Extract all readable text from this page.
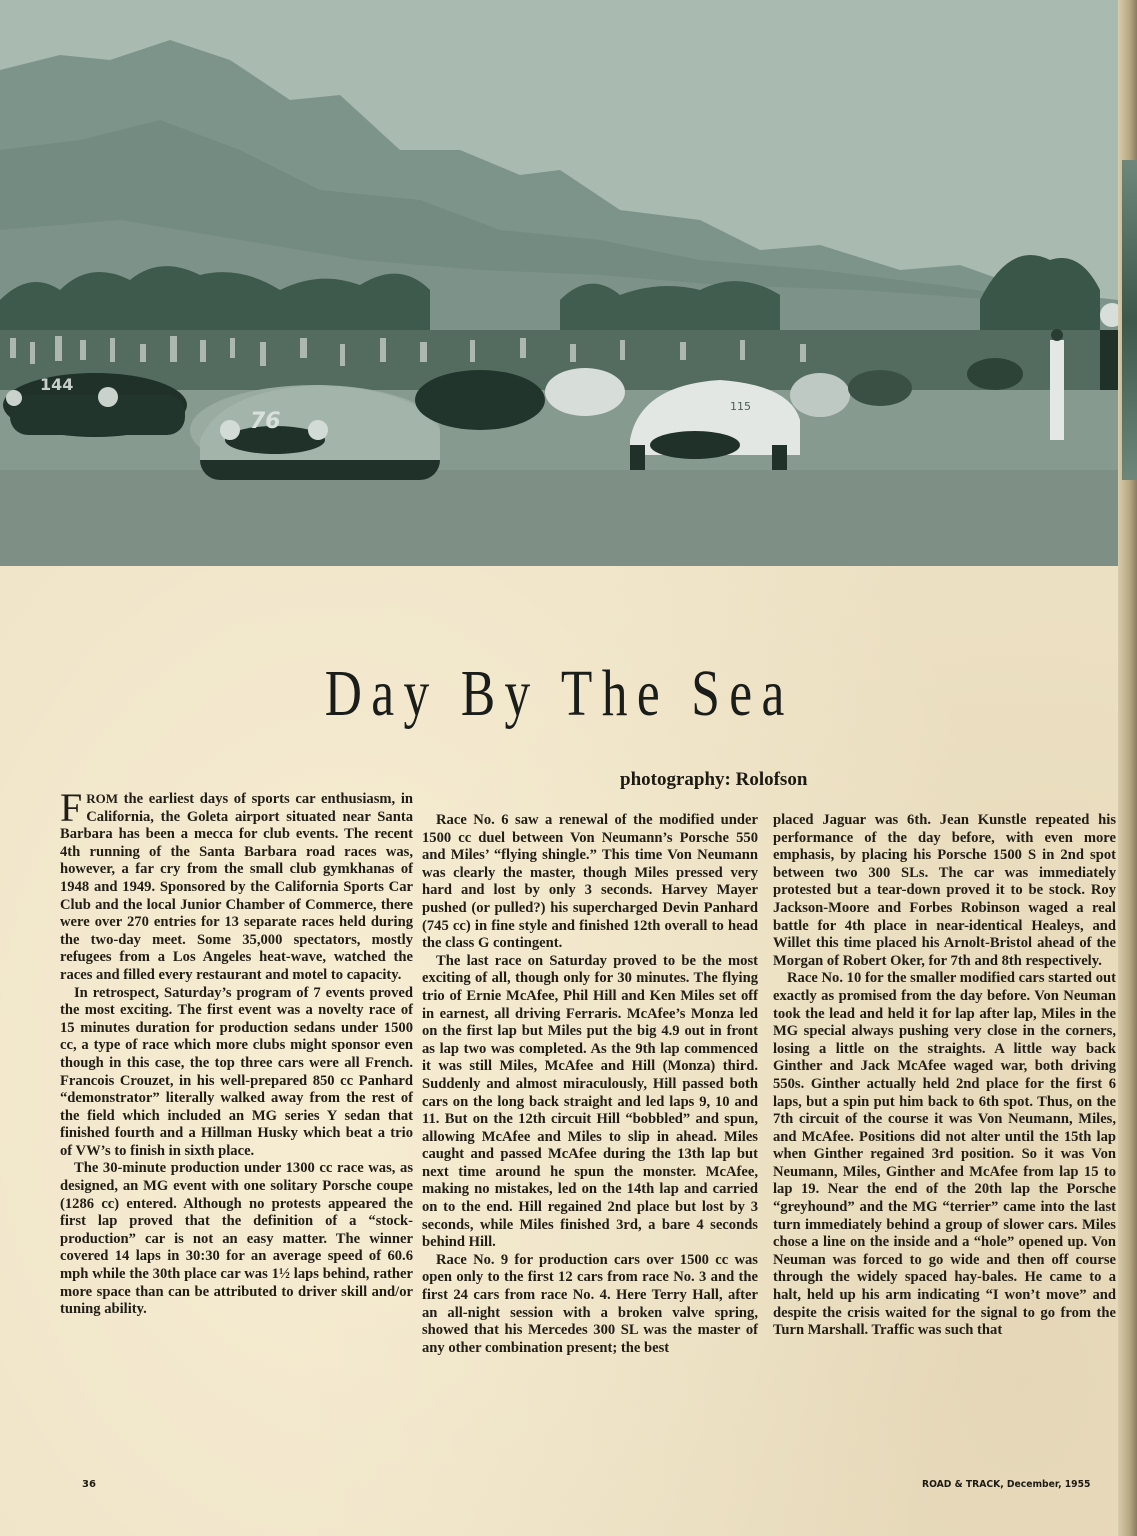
144
76
115
Day By The Sea
photography: Rolofson

FROM the earliest days of sports car enthusiasm, in California, the Goleta airport situated near Santa Barbara has been a mecca for club events. The recent 4th running of the Santa Barbara road races was, however, a far cry from the small club gymkhanas of 1948 and 1949. Sponsored by the California Sports Car Club and the local Junior Chamber of Commerce, there were over 270 entries for 13 separate races held during the two-day meet. Some 35,000 spectators, mostly refugees from a Los Angeles heat-wave, watched the races and filled every restaurant and motel to capacity.

In retrospect, Saturday’s program of 7 events proved the most exciting. The first event was a novelty race of 15 minutes duration for production sedans under 1500 cc, a type of race which more clubs might sponsor even though in this case, the top three cars were all French. Francois Crouzet, in his well-prepared 850 cc Panhard “demonstrator” literally walked away from the rest of the field which included an MG series Y sedan that finished fourth and a Hillman Husky which beat a trio of VW’s to finish in sixth place.

The 30-minute production under 1300 cc race was, as designed, an MG event with one solitary Porsche coupe (1286 cc) entered. Although no protests appeared the first lap proved that the definition of a “stock-production” car is not an easy matter. The winner covered 14 laps in 30:30 for an average speed of 60.6 mph while the 30th place car was 1½ laps behind, rather more space than can be attributed to driver skill and/or tuning ability.

Race No. 6 saw a renewal of the modified under 1500 cc duel between Von Neumann’s Porsche 550 and Miles’ “flying shingle.” This time Von Neumann was clearly the master, though Miles pressed very hard and lost by only 3 seconds. Harvey Mayer pushed (or pulled?) his supercharged Devin Panhard (745 cc) in fine style and finished 12th overall to head the class G contingent.

The last race on Saturday proved to be the most exciting of all, though only for 30 minutes. The flying trio of Ernie McAfee, Phil Hill and Ken Miles set off in earnest, all driving Ferraris. McAfee’s Monza led on the first lap but Miles put the big 4.9 out in front as lap two was completed. As the 9th lap commenced it was still Miles, McAfee and Hill (Monza) third. Suddenly and almost miraculously, Hill passed both cars on the long back straight and led laps 9, 10 and 11. But on the 12th circuit Hill “bobbled” and spun, allowing McAfee and Miles to slip in ahead. Miles caught and passed McAfee during the 13th lap but next time around he spun the monster. McAfee, making no mistakes, led on the 14th lap and carried on to the end. Hill regained 2nd place but lost by 3 seconds, while Miles finished 3rd, a bare 4 seconds behind Hill.

Race No. 9 for production cars over 1500 cc was open only to the first 12 cars from race No. 3 and the first 24 cars from race No. 4. Here Terry Hall, after an all-night session with a broken valve spring, showed that his Mercedes 300 SL was the master of any other combination present; the best

placed Jaguar was 6th. Jean Kunstle repeated his performance of the day before, with even more emphasis, by placing his Porsche 1500 S in 2nd spot between two 300 SLs. The car was immediately protested but a tear-down proved it to be stock. Roy Jackson-Moore and Forbes Robinson waged a real battle for 4th place in near-identical Healeys, and Willet this time placed his Arnolt-Bristol ahead of the Morgan of Robert Oker, for 7th and 8th respectively.

Race No. 10 for the smaller modified cars started out exactly as promised from the day before. Von Neuman took the lead and held it for lap after lap, Miles in the MG special always pushing very close in the corners, losing a little on the straights. A little way back Ginther and Jack McAfee waged war, both driving 550s. Ginther actually held 2nd place for the first 6 laps, but a spin put him back to 6th spot. Thus, on the 7th circuit of the course it was Von Neumann, Miles, and McAfee. Positions did not alter until the 15th lap when Ginther regained 3rd position. So it was Von Neumann, Miles, Ginther and McAfee from lap 15 to lap 19. Near the end of the 20th lap the Porsche “greyhound” and the MG “terrier” came into the last turn immediately behind a group of slower cars. Miles chose a line on the inside and a “hole” opened up. Von Neuman was forced to go wide and then off course through the widely spaced hay-bales. He came to a halt, held up his arm indicating “I won’t move” and despite the crisis waited for the signal to go from the Turn Marshall. Traffic was such that

36	ROAD & TRACK, December, 1955
